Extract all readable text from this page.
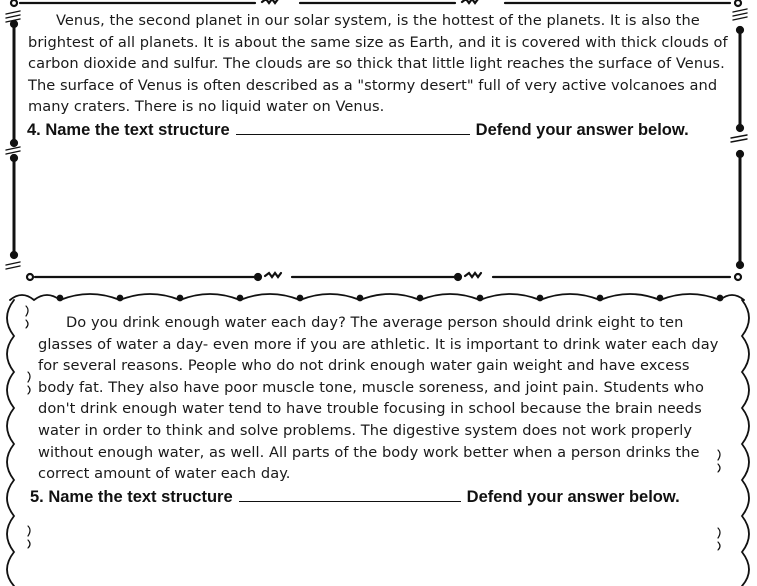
Venus, the second planet in our solar system, is the hottest of the planets. It is also the brightest of all planets. It is about the same size as Earth, and it is covered with thick clouds of carbon dioxide and sulfur. The clouds are so thick that little light reaches the surface of Venus. The surface of Venus is often described as a "stormy desert" full of very active volcanoes and many craters. There is no liquid water on Venus.

4. Name the text structure	Defend your answer below.

Do you drink enough water each day? The average person should drink eight to ten glasses of water a day- even more if you are athletic. It is important to drink water each day for several reasons. People who do not drink enough water gain weight and have excess body fat. They also have poor muscle tone, muscle soreness, and joint pain. Students who don't drink enough water tend to have trouble focusing in school because the brain needs water in order to think and solve problems. The digestive system does not work properly without enough water, as well. All parts of the body work better when a person drinks the correct amount of water each day.

5. Name the text structure	Defend your answer below.
